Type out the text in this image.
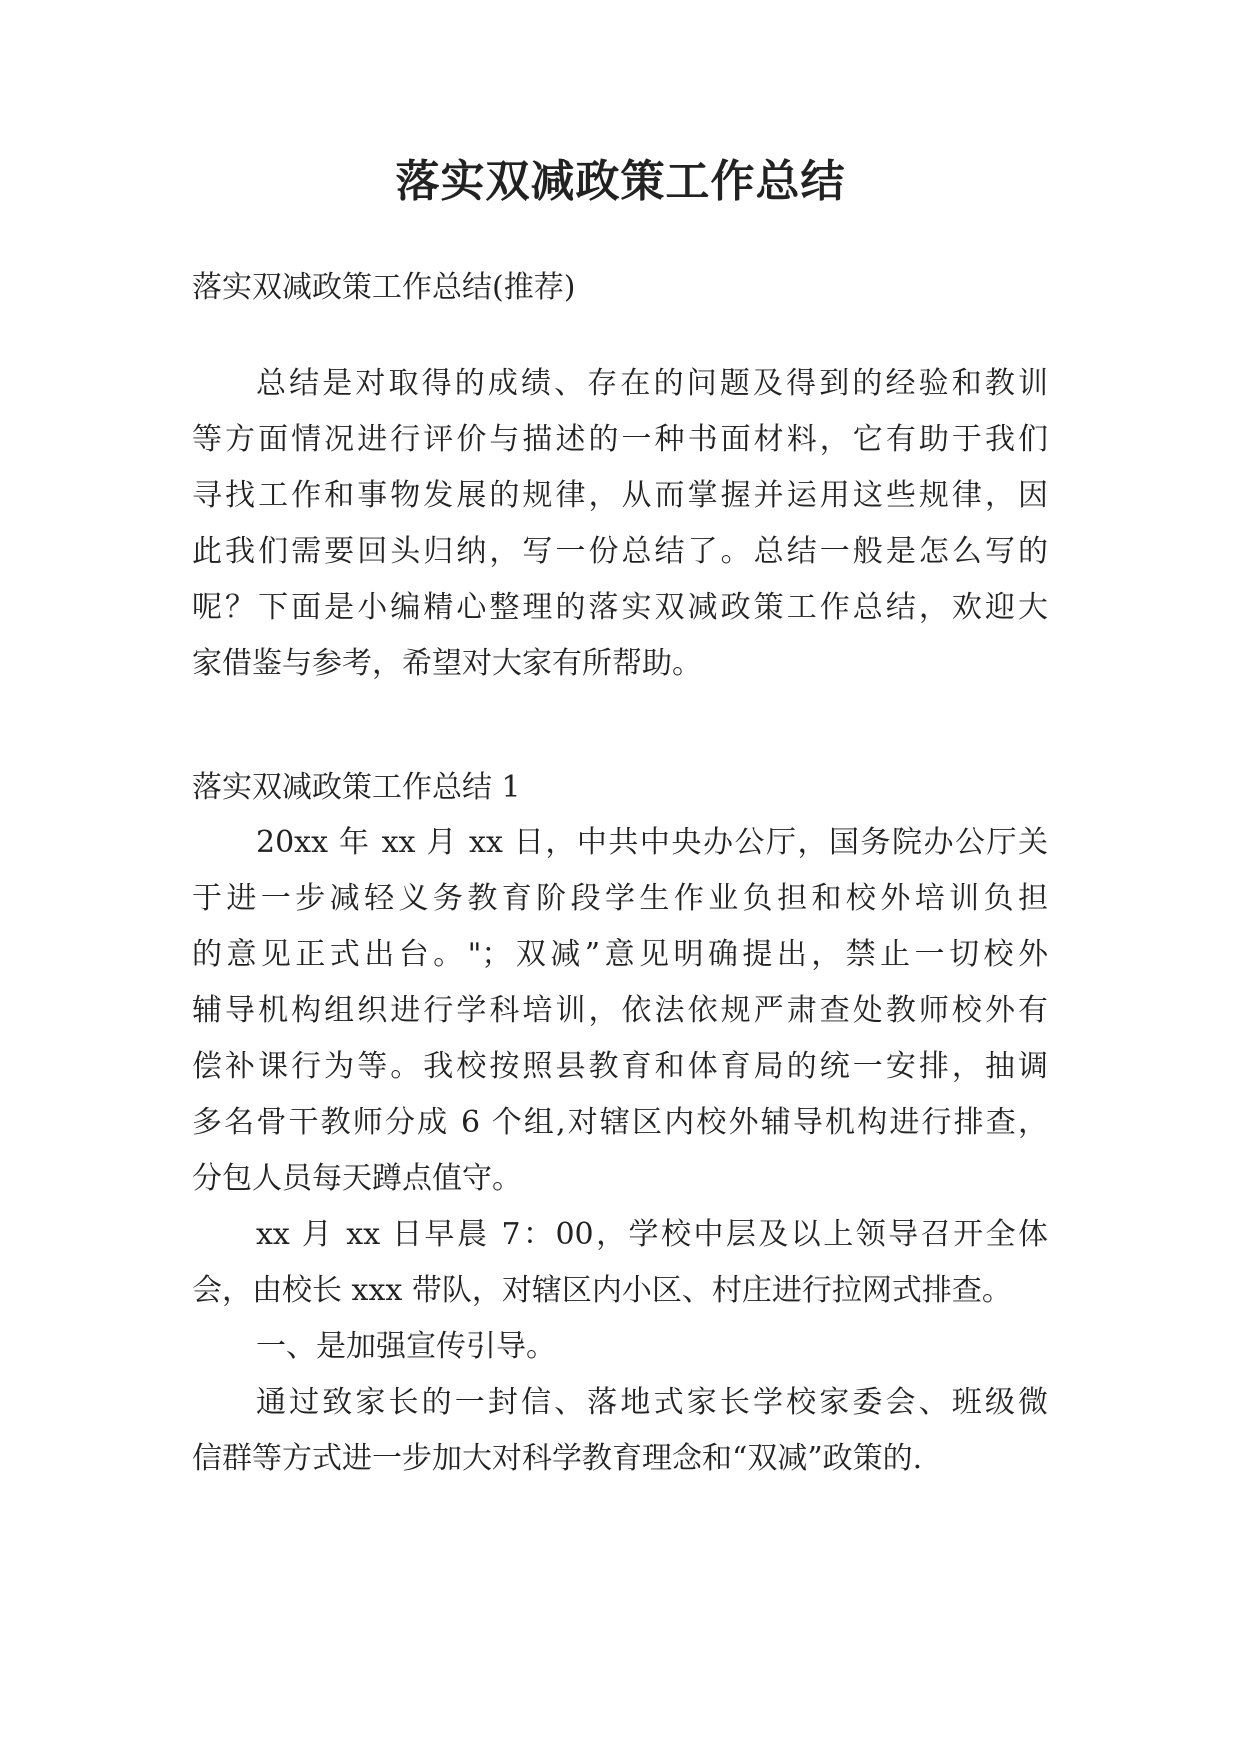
落实双减政策工作总结
落实双减政策工作总结(推荐)
总结是对取得的成绩、存在的问题及得到的经验和教训
等方面情况进行评价与描述的一种书面材料，它有助于我们
寻找工作和事物发展的规律，从而掌握并运用这些规律，因
此我们需要回头归纳，写一份总结了。总结一般是怎么写的
呢？下面是小编精心整理的落实双减政策工作总结，欢迎大
家借鉴与参考，希望对大家有所帮助。
落实双减政策工作总结 1
20xx 年 xx 月 xx 日，中共中央办公厅，国务院办公厅关
于进一步减轻义务教育阶段学生作业负担和校外培训负担
的意见正式出台。"；双减”意见明确提出，禁止一切校外
辅导机构组织进行学科培训，依法依规严肃查处教师校外有
偿补课行为等。我校按照县教育和体育局的统一安排，抽调
多名骨干教师分成 6 个组,对辖区内校外辅导机构进行排查，
分包人员每天蹲点值守。
xx 月 xx 日早晨 7：00，学校中层及以上领导召开全体
会，由校长 xxx 带队，对辖区内小区、村庄进行拉网式排查。
一、是加强宣传引导。
通过致家长的一封信、落地式家长学校家委会、班级微
信群等方式进一步加大对科学教育理念和“双减”政策的.
